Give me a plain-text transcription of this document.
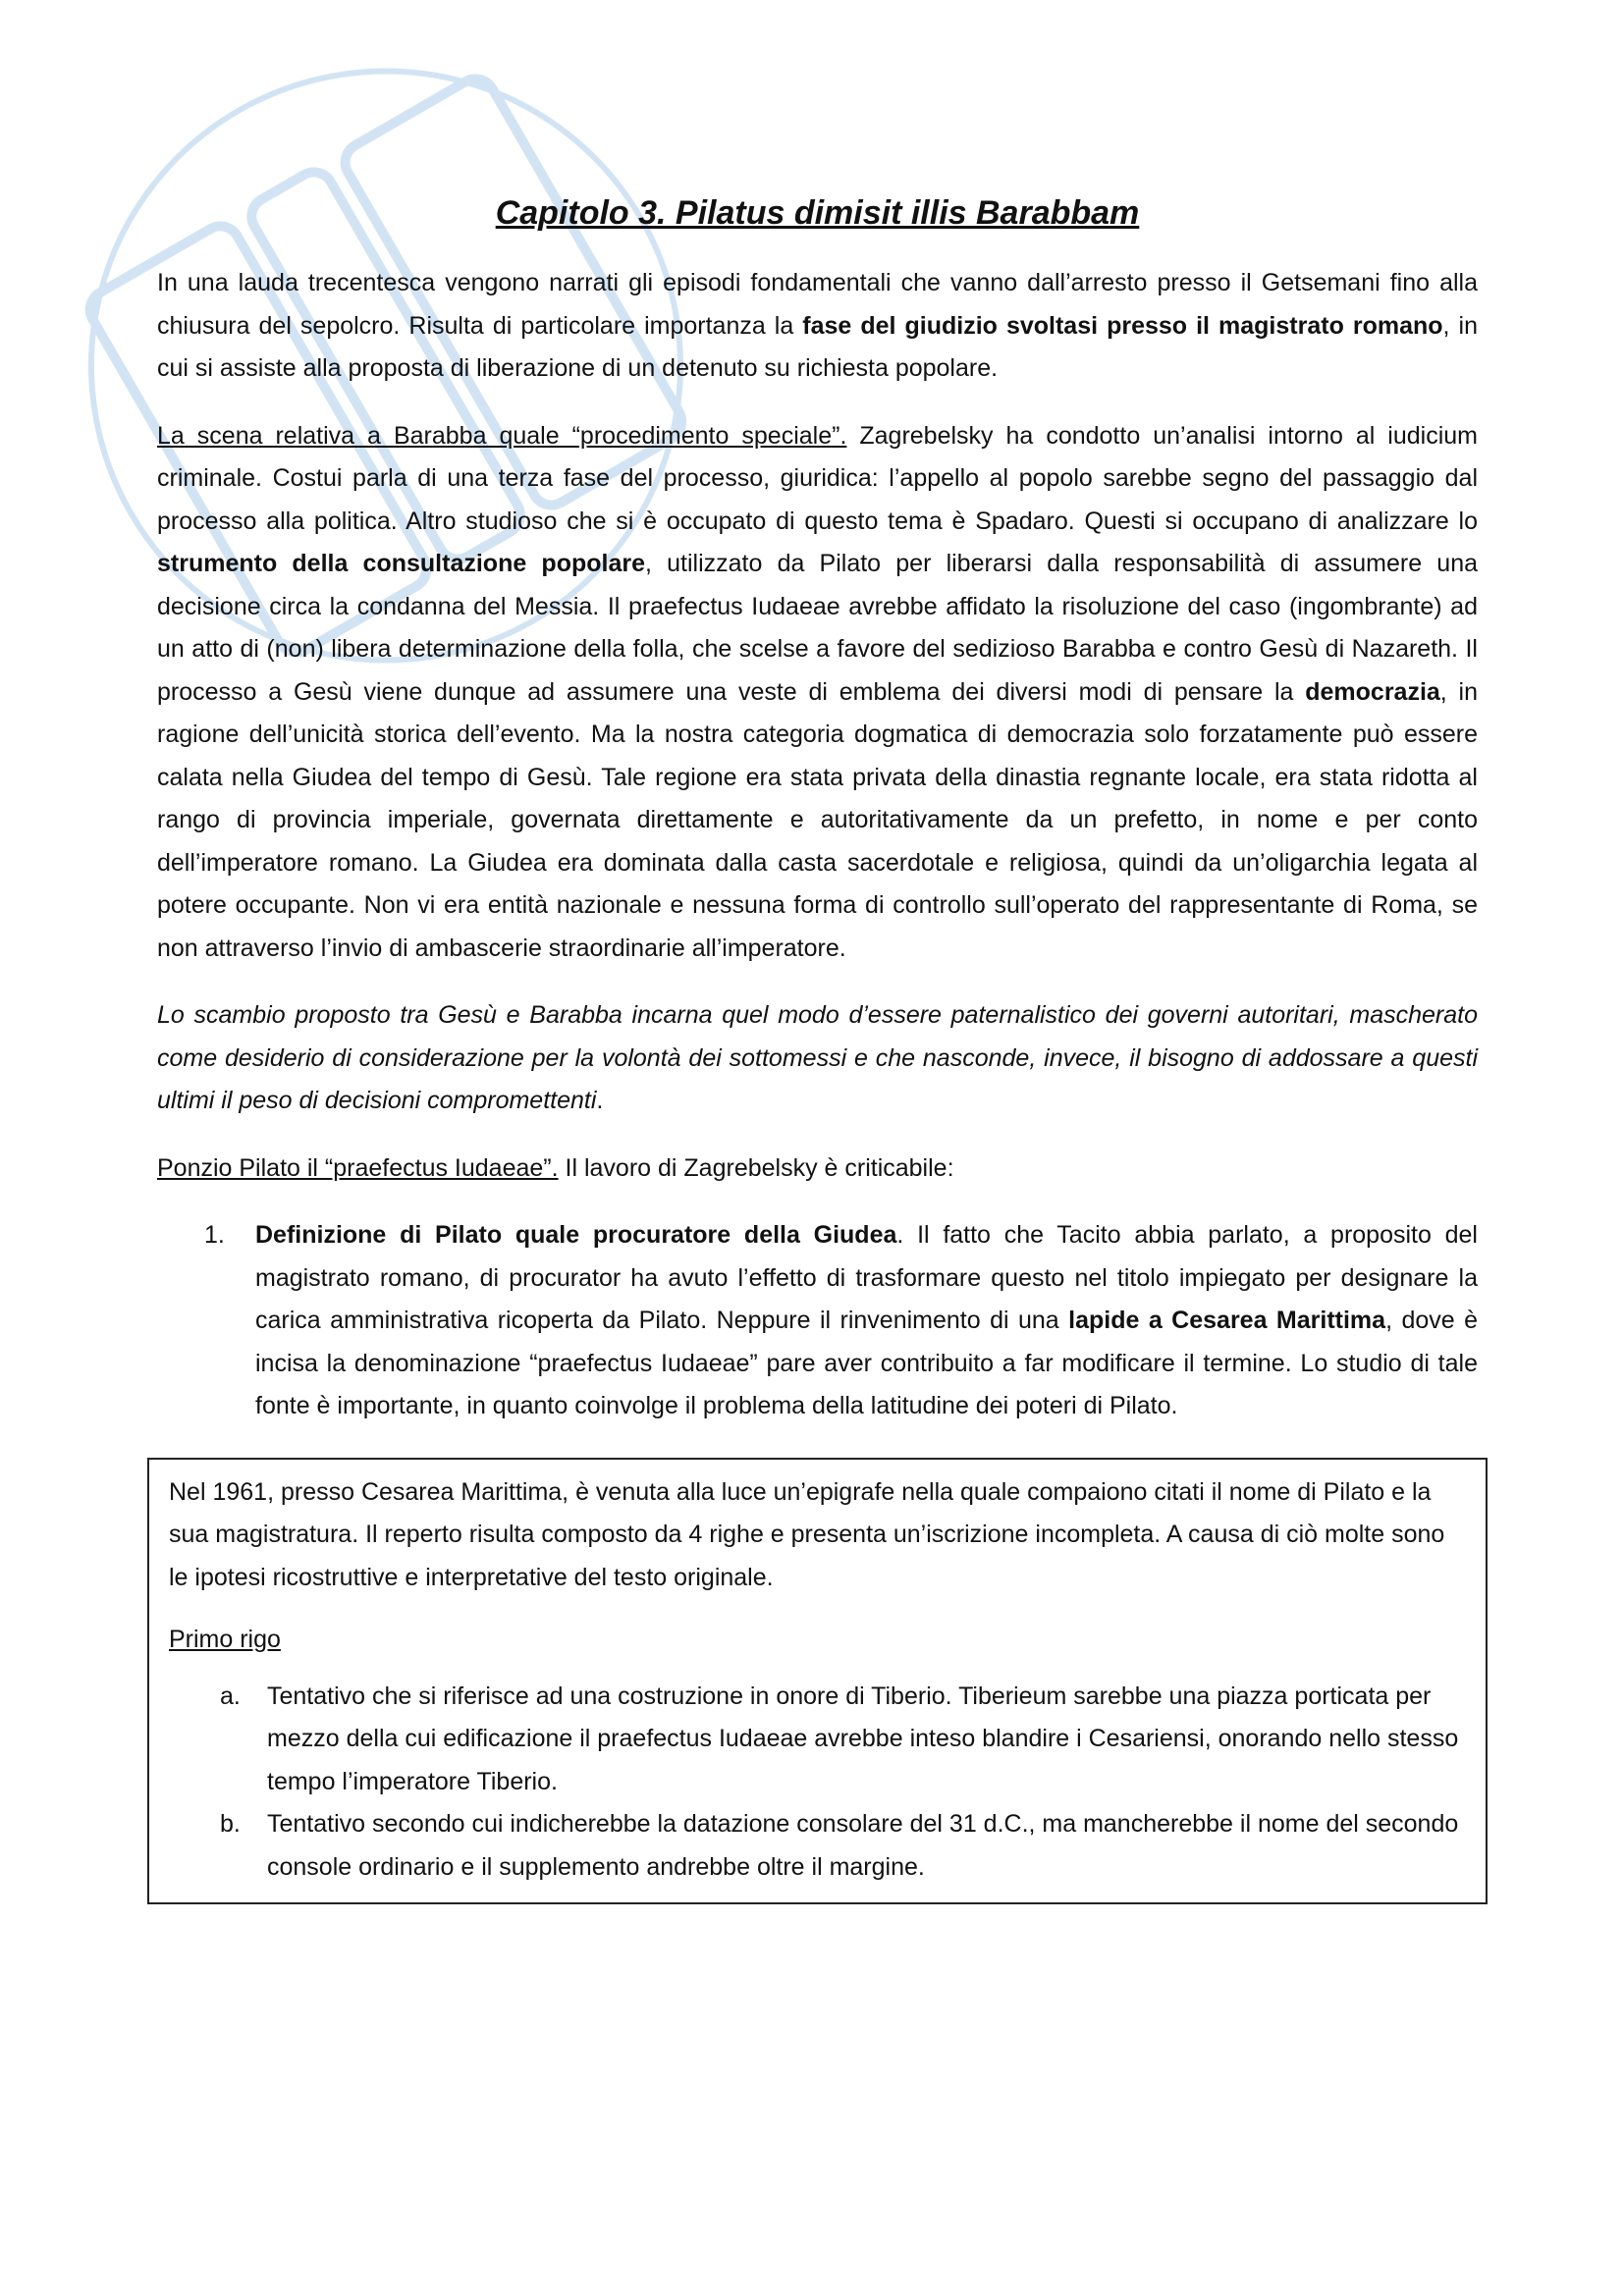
Capitolo 3. Pilatus dimisit illis Barabbam

In una lauda trecentesca vengono narrati gli episodi fondamentali che vanno dall’arresto presso il Getsemani fino alla chiusura del sepolcro. Risulta di particolare importanza la fase del giudizio svoltasi presso il magistrato romano, in cui si assiste alla proposta di liberazione di un detenuto su richiesta popolare.

La scena relativa a Barabba quale “procedimento speciale”. Zagrebelsky ha condotto un’analisi intorno al iudicium criminale. Costui parla di una terza fase del processo, giuridica: l’appello al popolo sarebbe segno del passaggio dal processo alla politica. Altro studioso che si è occupato di questo tema è Spadaro. Questi si occupano di analizzare lo strumento della consultazione popolare, utilizzato da Pilato per liberarsi dalla responsabilità di assumere una decisione circa la condanna del Messia. Il praefectus Iudaeae avrebbe affidato la risoluzione del caso (ingombrante) ad un atto di (non) libera determinazione della folla, che scelse a favore del sedizioso Barabba e contro Gesù di Nazareth. Il processo a Gesù viene dunque ad assumere una veste di emblema dei diversi modi di pensare la democrazia, in ragione dell’unicità storica dell’evento. Ma la nostra categoria dogmatica di democrazia solo forzatamente può essere calata nella Giudea del tempo di Gesù. Tale regione era stata privata della dinastia regnante locale, era stata ridotta al rango di provincia imperiale, governata direttamente e autoritativamente da un prefetto, in nome e per conto dell’imperatore romano. La Giudea era dominata dalla casta sacerdotale e religiosa, quindi da un’oligarchia legata al potere occupante. Non vi era entità nazionale e nessuna forma di controllo sull’operato del rappresentante di Roma, se non attraverso l’invio di ambascerie straordinarie all’imperatore.

Lo scambio proposto tra Gesù e Barabba incarna quel modo d’essere paternalistico dei governi autoritari, mascherato come desiderio di considerazione per la volontà dei sottomessi e che nasconde, invece, il bisogno di addossare a questi ultimi il peso di decisioni compromettenti.

Ponzio Pilato il “praefectus Iudaeae”. Il lavoro di Zagrebelsky è criticabile:

1. Definizione di Pilato quale procuratore della Giudea. Il fatto che Tacito abbia parlato, a proposito del magistrato romano, di procurator ha avuto l’effetto di trasformare questo nel titolo impiegato per designare la carica amministrativa ricoperta da Pilato. Neppure il rinvenimento di una lapide a Cesarea Marittima, dove è incisa la denominazione “praefectus Iudaeae” pare aver contribuito a far modificare il termine. Lo studio di tale fonte è importante, in quanto coinvolge il problema della latitudine dei poteri di Pilato.

Nel 1961, presso Cesarea Marittima, è venuta alla luce un’epigrafe nella quale compaiono citati il nome di Pilato e la sua magistratura. Il reperto risulta composto da 4 righe e presenta un’iscrizione incompleta. A causa di ciò molte sono le ipotesi ricostruttive e interpretative del testo originale.

Primo rigo

a. Tentativo che si riferisce ad una costruzione in onore di Tiberio. Tiberieum sarebbe una piazza porticata per mezzo della cui edificazione il praefectus Iudaeae avrebbe inteso blandire i Cesariensi, onorando nello stesso tempo l’imperatore Tiberio.
b. Tentativo secondo cui indicherebbe la datazione consolare del 31 d.C., ma mancherebbe il nome del secondo console ordinario e il supplemento andrebbe oltre il margine.
